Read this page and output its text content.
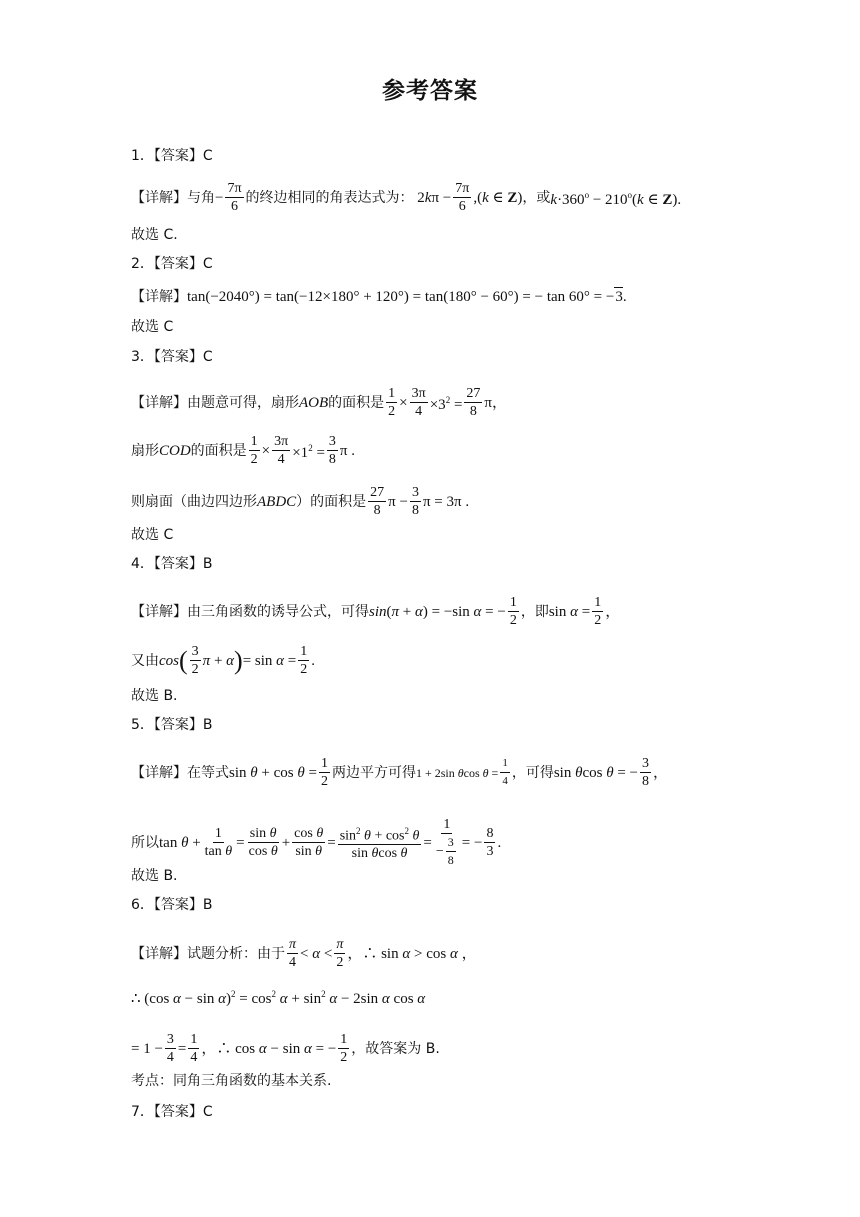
参考答案
1．【答案】C
【详解】 与角 − $\frac{7\pi}{6}$ 的终边相同的角表达式为： $2k\pi - \frac{7\pi}{6} ,(k$ ∈ Z) ，或 $k\cdot 360^o - 210^o(k$ ∈ Z).
故选 C.
2．【答案】C
【详解】 tan(−2040°) = tan(−12×180° + 120°) = tan(180° − 60°) = − tan 60° = − 3 .
故选 C
3．【答案】C
【详解】 由题意可得，扇形 AOB 的面积是 $\frac{1}{2} \times \frac{3\pi}{4} \times 3^2 = \frac{27}{8}$ π，
扇形 COD 的面积是 $\frac{1}{2} \times \frac{3\pi}{4} \times 1^2 = \frac{3}{8}$ π .
则扇面（曲边四边形 ABDC ）的面积是 $\frac{27}{8}$ $\pi - \frac{3}{8}$ π = 3π .
故选 C
4．【答案】B
【详解】 由三角函数的诱导公式，可得 sin (π + α) = −sin α = − $\frac{1}{2}$ ，即 $\sin \alpha = \frac{1}{2}$ ，
又由 cos ( $\frac{3}{2}$ π + α ) = $\sin \alpha = \frac{1}{2}$ .
故选 B.
5．【答案】B
【详解】 在等式 $\sin \theta + \cos \theta = \frac{1}{2}$ 两边平方可得 1 + 2sin θcos $\theta = \frac{1}{4}$ ，可得 sin θcos θ = − $\frac{3}{8}$ ，
所以 $\tan \theta + \frac{1}{\text{tan θ}} = \frac{\text{sin θ}}{\text{cos θ}} + \frac{\text{cos θ}}{\text{sin θ}} = \frac{\sin^2 \theta + \cos^2 \theta}{\text{sin θcos θ}} = \frac{1}{- \frac{3}{8}}$ = − $\frac{8}{3}$ .
故选 B.
6．【答案】B
【详解】 试题分析：由于 $\frac{\pi}{4} < \alpha < \frac{\pi}{2}$ ，∴ sin α > cos α ，
∴ (cos $\alpha - \sin \alpha)^2 = \cos^2 \alpha + \sin^2 \alpha - 2\sin$ α cos α
= $1 - \frac{3}{4} = \frac{1}{4}$ ，∴ cos α − sin α = − $\frac{1}{2}$ ，故答案为 B.
考点：同角三角函数的基本关系.
7．【答案】C
